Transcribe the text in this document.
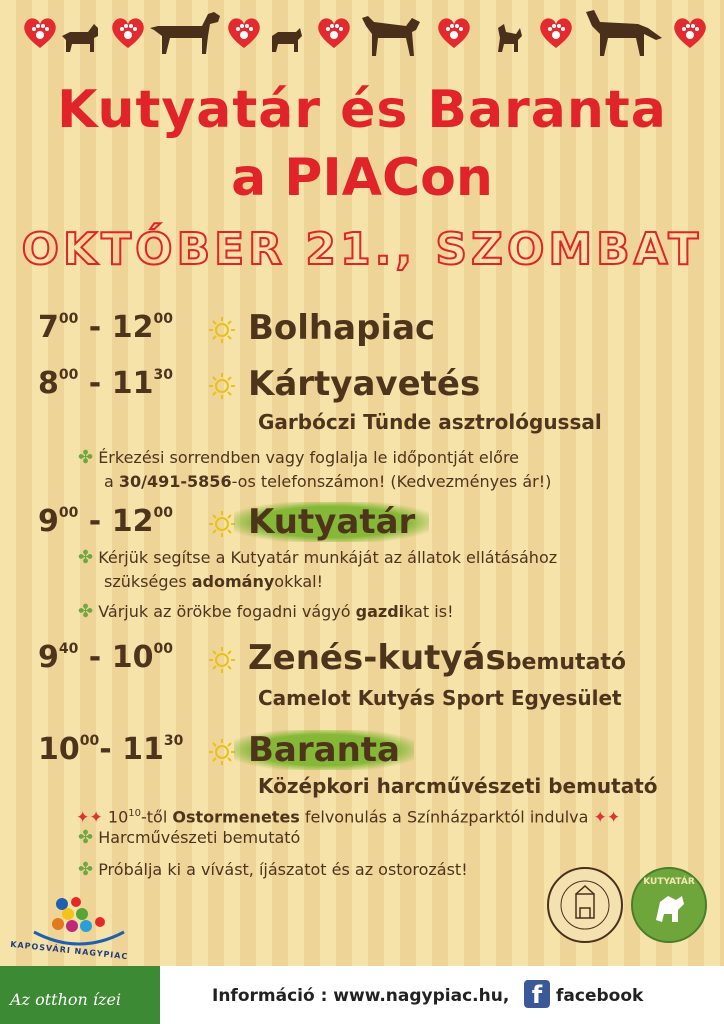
Kutyatár és Baranta
a PIACon
OKTÓBER 21., SZOMBAT
$7^{00} - 12^{00}$ Bolhapiac
$8^{00} - 11^{30}$ Kártyavetés
Garbóczi Tünde asztrológussal
✤ Érkezési sorrendben vagy foglalja le időpontját előre
a 30/491-5856-os telefonszámon! (Kedvezményes ár!)
$9^{00} - 12^{00}$	Kutyatár
✤ Kérjük segítse a Kutyatár munkáját az állatok ellátásához
szükséges adományokkal!
✤ Várjuk az örökbe fogadni vágyó gazdikat is!
$9^{40} - 10^{00}$ Zenés-kutyásbemutató
Camelot Kutyás Sport Egyesület
$10^{00}-$ $11^{30}$	Baranta
Középkori harcművészeti bemutató
✦✦ $10^{10}$-től Ostormenetes felvonulás a Színházparktól indulva ✦✦
✤ Harcművészeti bemutató
✤ Próbálja ki a vívást, íjászatot és az ostorozást!
KUTYATÁR
Az otthon ízei
KAPOSVÁRI NAGYPIAC
Információ : www.nagypiac.hu, f facebook
